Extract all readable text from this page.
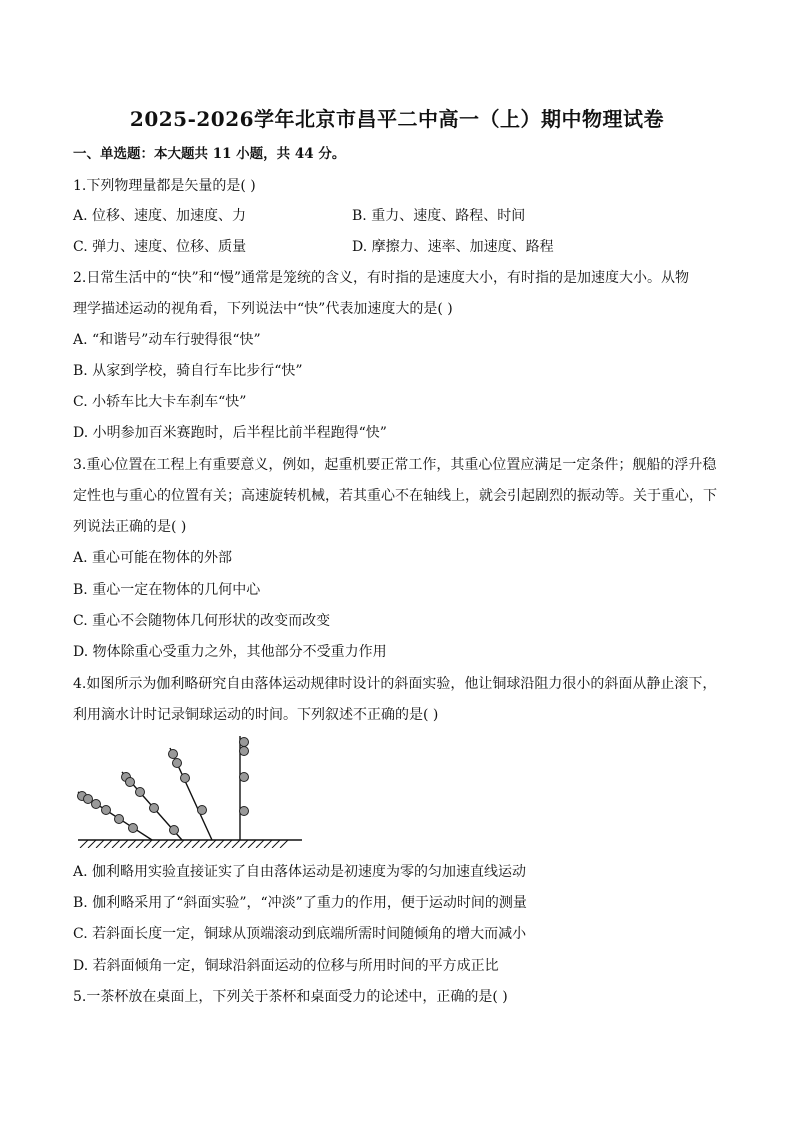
2025-2026学年北京市昌平二中高一（上）期中物理试卷
一、单选题：本大题共 11 小题，共 44 分。
1.下列物理量都是矢量的是( )
A. 位移、速度、加速度、力	B. 重力、速度、路程、时间
C. 弹力、速度、位移、质量	D. 摩擦力、速率、加速度、路程
2.日常生活中的“快”和“慢”通常是笼统的含义，有时指的是速度大小，有时指的是加速度大小。从物
理学描述运动的视角看，下列说法中“快”代表加速度大的是( )
A. “和谐号”动车行驶得很“快”
B. 从家到学校，骑自行车比步行“快”
C. 小轿车比大卡车刹车“快”
D. 小明参加百米赛跑时，后半程比前半程跑得“快”
3.重心位置在工程上有重要意义，例如，起重机要正常工作，其重心位置应满足一定条件；舰船的浮升稳
定性也与重心的位置有关；高速旋转机械，若其重心不在轴线上，就会引起剧烈的振动等。关于重心，下
列说法正确的是( )
A. 重心可能在物体的外部
B. 重心一定在物体的几何中心
C. 重心不会随物体几何形状的改变而改变
D. 物体除重心受重力之外，其他部分不受重力作用
4.如图所示为伽利略研究自由落体运动规律时设计的斜面实验，他让铜球沿阻力很小的斜面从静止滚下，
利用滴水计时记录铜球运动的时间。下列叙述不正确的是( )
A. 伽利略用实验直接证实了自由落体运动是初速度为零的匀加速直线运动
B. 伽利略采用了“斜面实验”，“冲淡”了重力的作用，便于运动时间的测量
C. 若斜面长度一定，铜球从顶端滚动到底端所需时间随倾角的增大而减小
D. 若斜面倾角一定，铜球沿斜面运动的位移与所用时间的平方成正比
5.一茶杯放在桌面上，下列关于茶杯和桌面受力的论述中，正确的是( )
